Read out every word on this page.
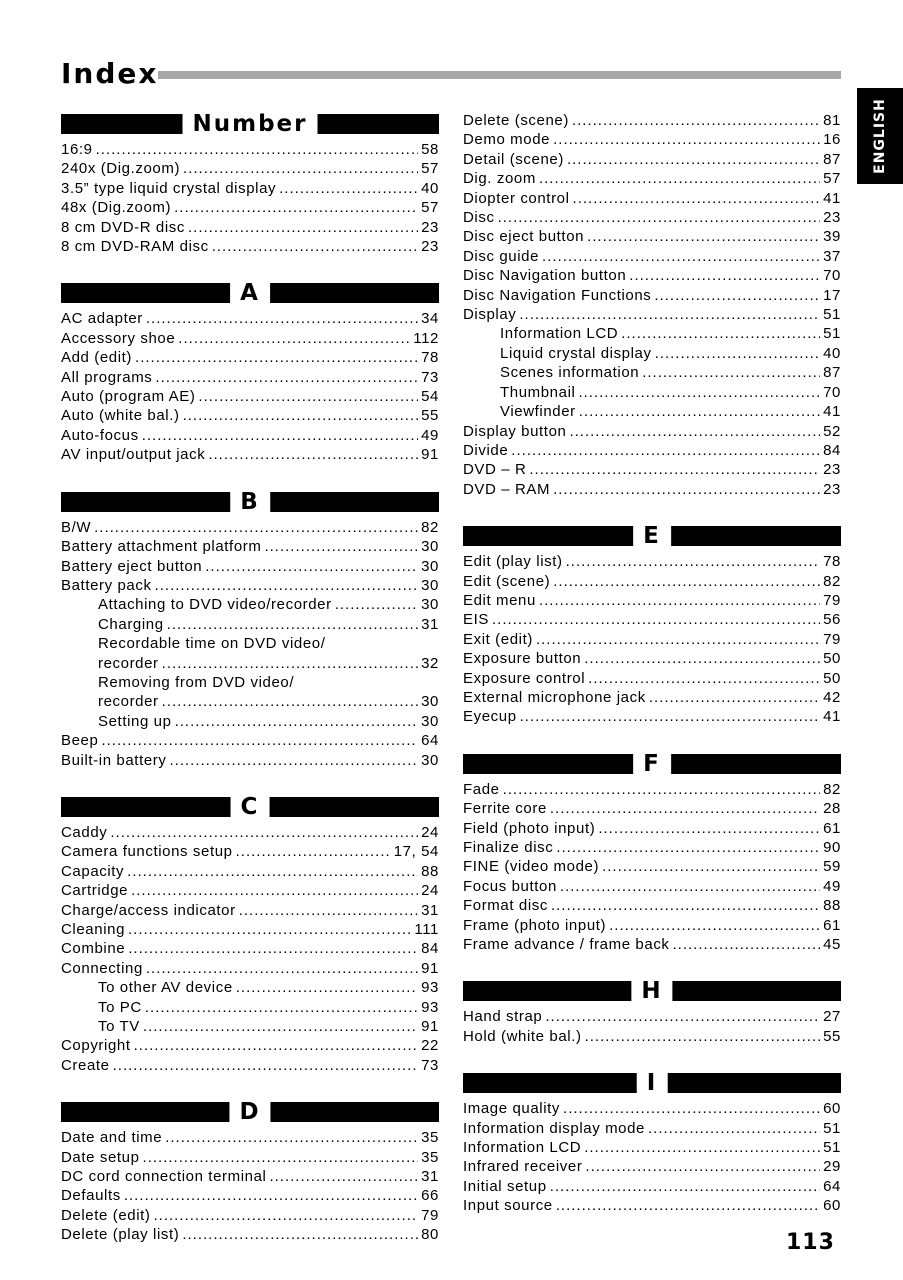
Index
ENGLISH
Number
16:9 .....	58
240x (Dig.zoom) .....	57
3.5” type liquid crystal display .....	40
48x (Dig.zoom) .....	57
8 cm DVD-R disc .....	23
8 cm DVD-RAM disc .....	23
A
AC adapter .....	34
Accessory shoe .....	112
Add (edit) .....	78
All programs .....	73
Auto (program AE) .....	54
Auto (white bal.) .....	55
Auto-focus .....	49
AV input/output jack .....	91
B
B/W .....	82
Battery attachment platform .....	30
Battery eject button .....	30
Battery pack .....	30
Attaching to DVD video/recorder .....	30
Charging .....	31
Recordable time on DVD video/
recorder .....	32
Removing from DVD video/
recorder .....	30
Setting up .....	30
Beep .....	64
Built-in battery .....	30
C
Caddy .....	24
Camera functions setup .....	17, 54
Capacity .....	88
Cartridge .....	24
Charge/access indicator .....	31
Cleaning .....	111
Combine .....	84
Connecting .....	91
To other AV device .....	93
To PC .....	93
To TV .....	91
Copyright .....	22
Create .....	73
D
Date and time .....	35
Date setup .....	35
DC cord connection terminal .....	31
Defaults .....	66
Delete (edit) .....	79
Delete (play list) .....	80
Delete (scene) .....	81
Demo mode .....	16
Detail (scene) .....	87
Dig. zoom .....	57
Diopter control .....	41
Disc .....	23
Disc eject button .....	39
Disc guide .....	37
Disc Navigation button .....	70
Disc Navigation Functions .....	17
Display .....	51
Information LCD .....	51
Liquid crystal display .....	40
Scenes information .....	87
Thumbnail .....	70
Viewfinder .....	41
Display button .....	52
Divide .....	84
DVD – R .....	23
DVD – RAM .....	23
E
Edit (play list) .....	78
Edit (scene) .....	82
Edit menu .....	79
EIS .....	56
Exit (edit) .....	79
Exposure button .....	50
Exposure control .....	50
External microphone jack .....	42
Eyecup .....	41
F
Fade .....	82
Ferrite core .....	28
Field (photo input) .....	61
Finalize disc .....	90
FINE (video mode) .....	59
Focus button .....	49
Format disc .....	88
Frame (photo input) .....	61
Frame advance / frame back .....	45
H
Hand strap .....	27
Hold (white bal.) .....	55
I
Image quality .....	60
Information display mode .....	51
Information LCD .....	51
Infrared receiver .....	29
Initial setup .....	64
Input source .....	60
113
